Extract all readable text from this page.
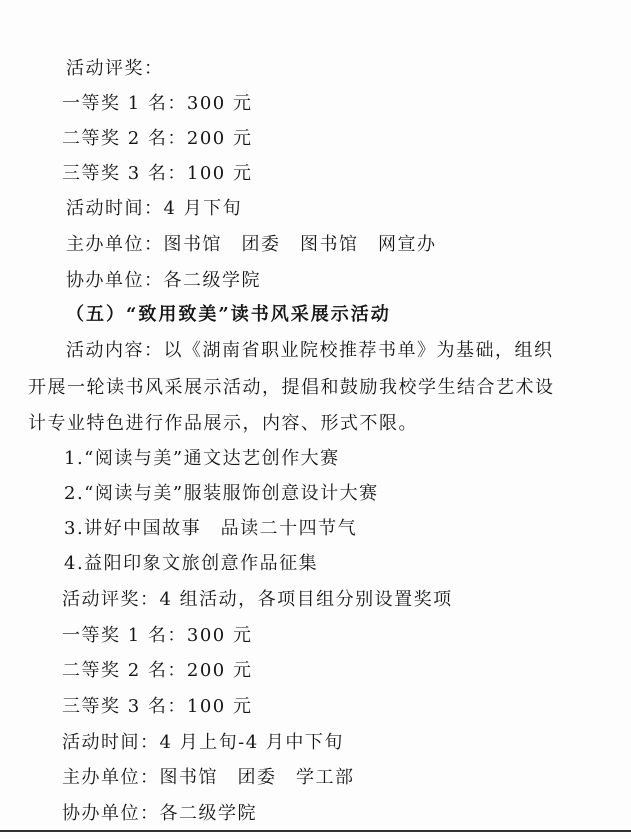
活动评奖：
一等奖 1 名：300 元
二等奖 2 名：200 元
三等奖 3 名：100 元
活动时间：4 月下旬
主办单位：图书馆　团委　图书馆　网宣办
协办单位：各二级学院
（五）“致用致美”读书风采展示活动
活动内容：以《湖南省职业院校推荐书单》为基础，组织
开展一轮读书风采展示活动，提倡和鼓励我校学生结合艺术设
计专业特色进行作品展示，内容、形式不限。
1.“阅读与美”通文达艺创作大赛
2.“阅读与美”服装服饰创意设计大赛
3.讲好中国故事　品读二十四节气
4.益阳印象文旅创意作品征集
活动评奖：4 组活动，各项目组分别设置奖项
一等奖 1 名：300 元
二等奖 2 名：200 元
三等奖 3 名：100 元
活动时间：4 月上旬-4 月中下旬
主办单位：图书馆　团委　学工部
协办单位：各二级学院
